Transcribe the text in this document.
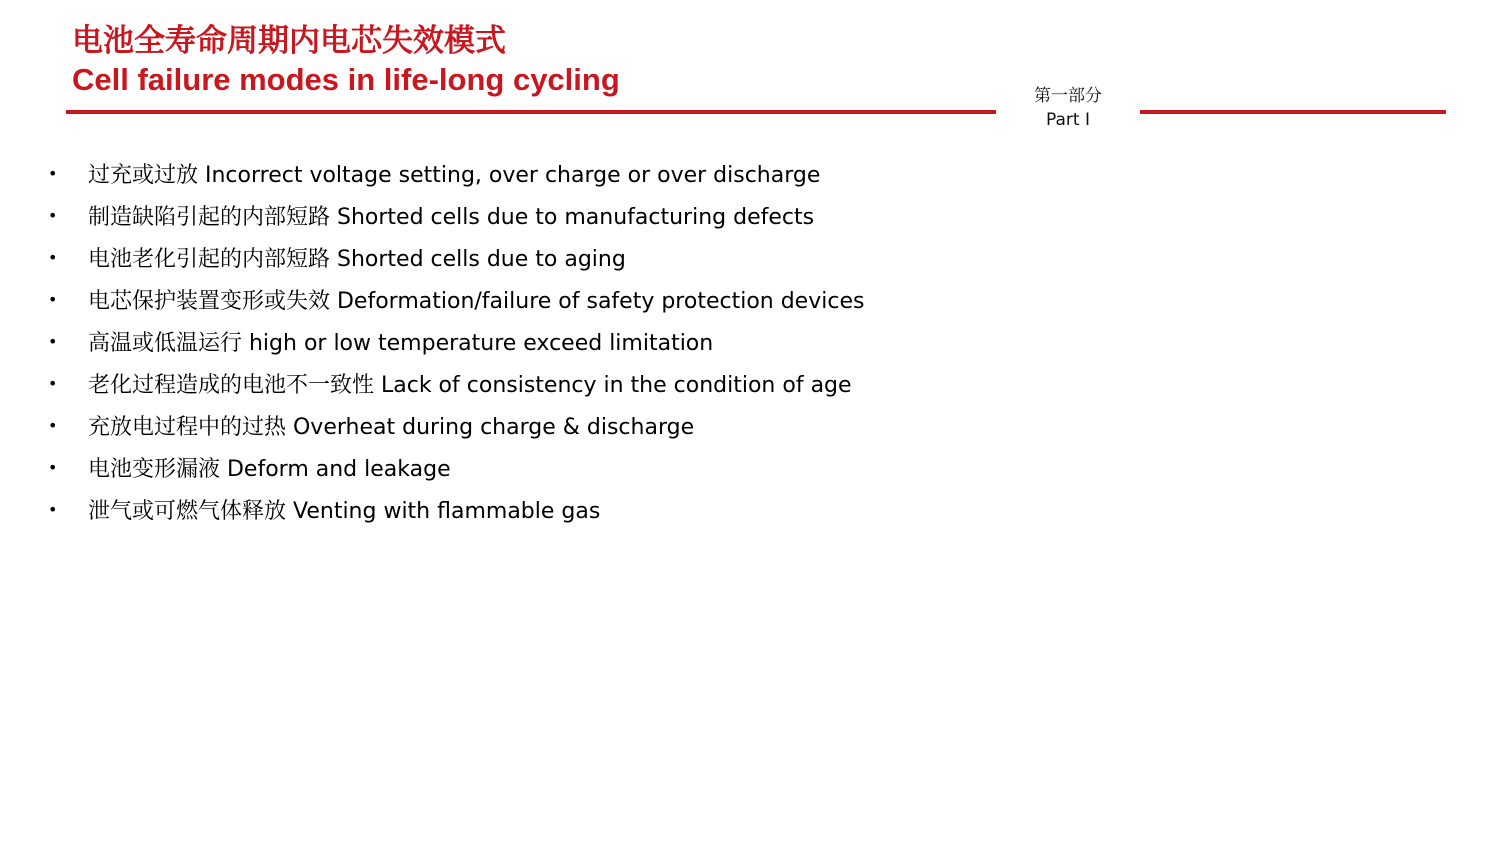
电池全寿命周期内电芯失效模式
Cell failure modes in life-long cycling	第一部分
Part I
•	过充或过放 Incorrect voltage setting, over charge or over discharge
•	制造缺陷引起的内部短路 Shorted cells due to manufacturing defects
•	电池老化引起的内部短路 Shorted cells due to aging
•	电芯保护装置变形或失效 Deformation/failure of safety protection devices
•	高温或低温运行 high or low temperature exceed limitation
•	老化过程造成的电池不一致性 Lack of consistency in the condition of age
•	充放电过程中的过热 Overheat during charge & discharge
•	电池变形漏液 Deform and leakage
•	泄气或可燃气体释放 Venting with flammable gas
